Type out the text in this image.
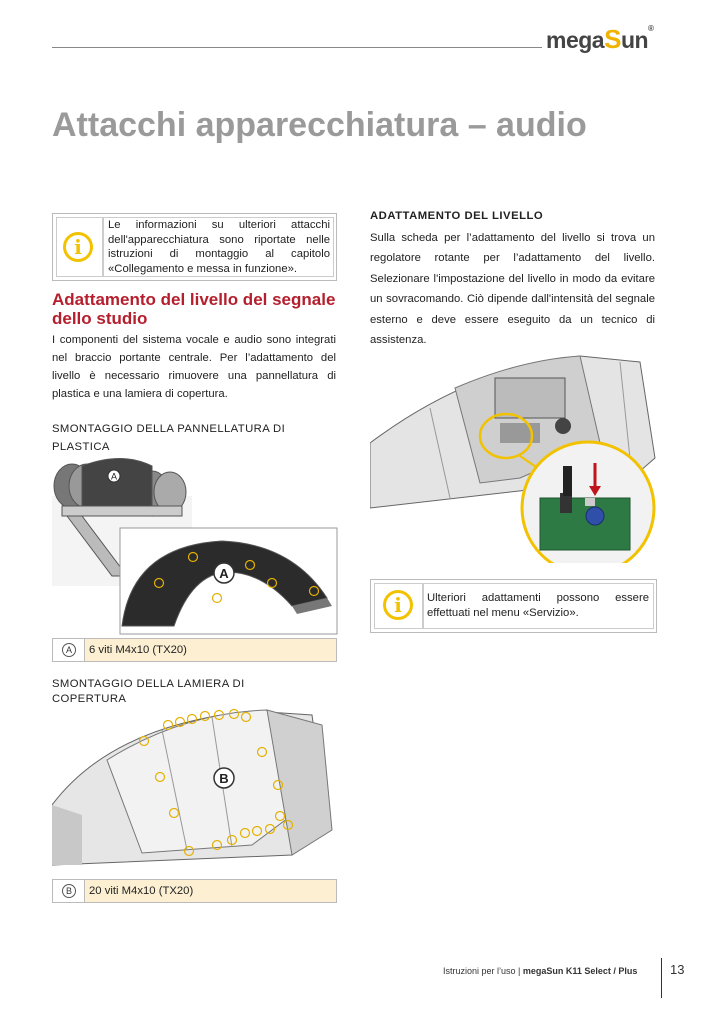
megaSun®
Attacchi apparecchiatura – audio
i
Le informazioni su ulteriori attacchi dell'apparecchiatura sono riportate nelle istruzioni di montaggio al capitolo «Collegamento e messa in funzione».
Adattamento del livello del segnale dello studio
I componenti del sistema vocale e audio sono integrati nel braccio portante centrale. Per l’adattamento del livello è necessario rimuovere una pannellatura di plastica e una lamiera di copertura.
SMONTAGGIO DELLA PANNELLATURA DI PLASTICA
A
A
A	6 viti M4x10 (TX20)
SMONTAGGIO DELLA LAMIERA DI COPERTURA
B
B	20 viti M4x10 (TX20)
ADATTAMENTO DEL LIVELLO
Sulla scheda per l’adattamento del livello si trova un regolatore rotante per l’adattamento del livello. Selezionare l'impostazione del livello in modo da evitare un sovracomando. Ciò dipende dall'intensità del segnale esterno e deve essere eseguito da un tecnico di assistenza.
i	Ulteriori adattamenti possono essere effettuati nel menu «Servizio».
Istruzioni per l’uso | megaSun K11 Select / Plus	13
